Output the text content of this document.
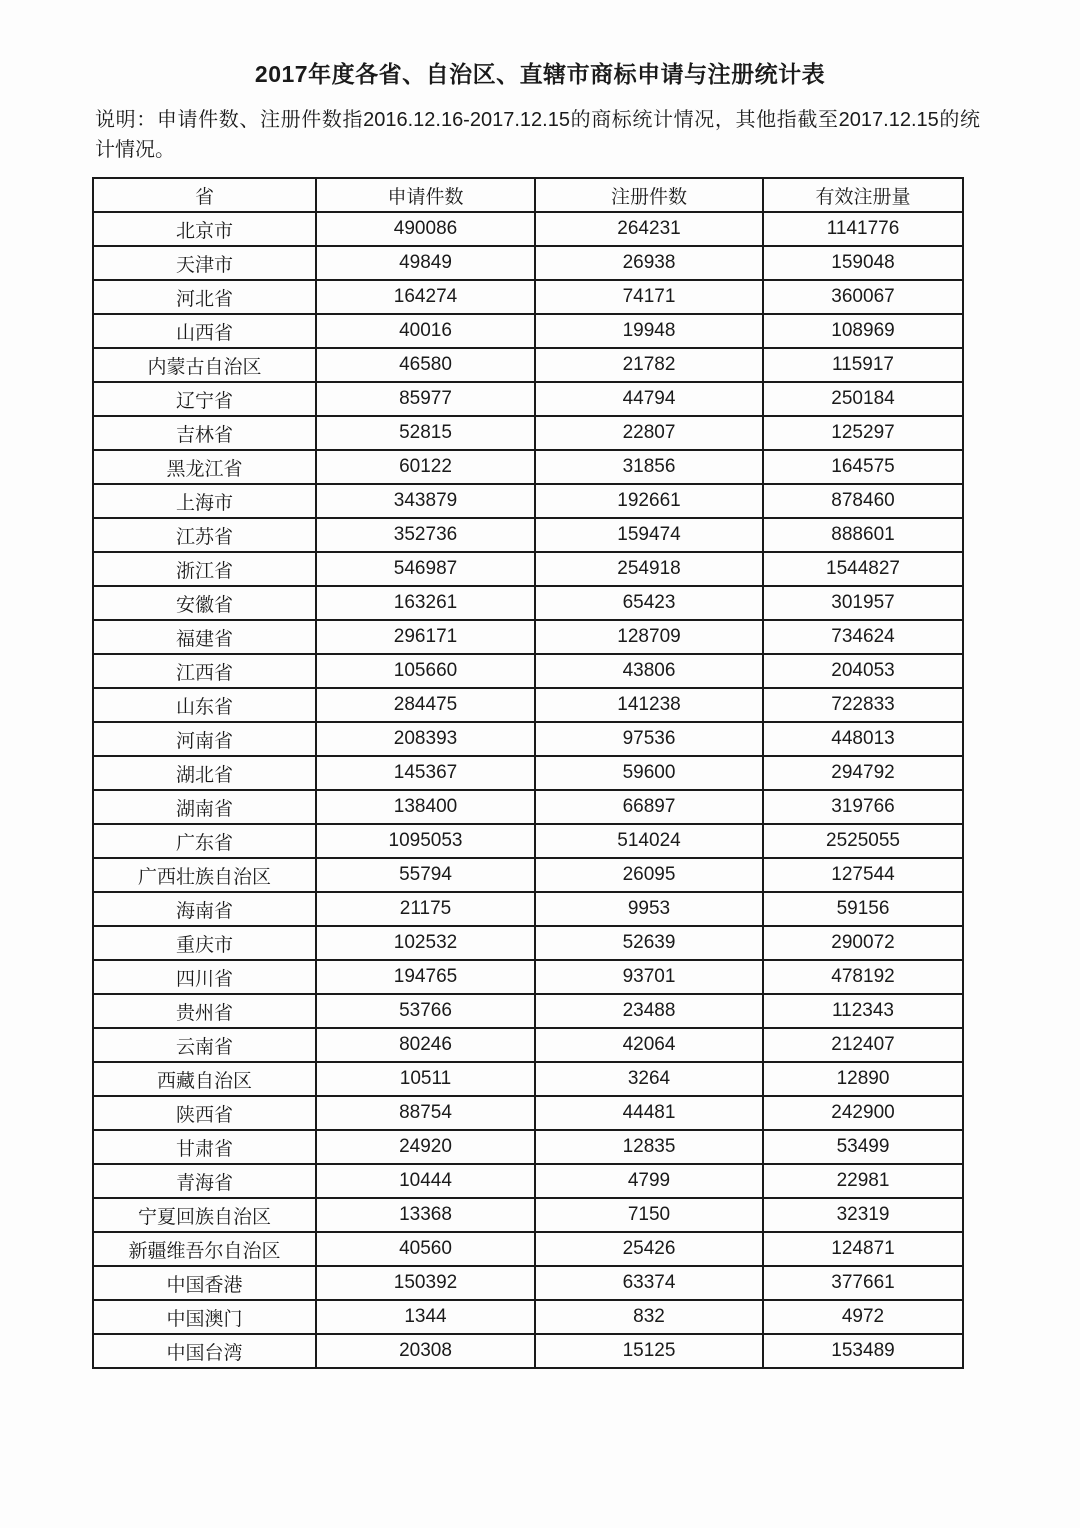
2017年度各省、自治区、直辖市商标申请与注册统计表

说明：申请件数、注册件数指2016.12.16-2017.12.15的商标统计情况，其他指截至2017.12.15的统计情况。

省	申请件数	注册件数	有效注册量
北京市	490086	264231	1141776
天津市	49849	26938	159048
河北省	164274	74171	360067
山西省	40016	19948	108969
内蒙古自治区	46580	21782	115917
辽宁省	85977	44794	250184
吉林省	52815	22807	125297
黑龙江省	60122	31856	164575
上海市	343879	192661	878460
江苏省	352736	159474	888601
浙江省	546987	254918	1544827
安徽省	163261	65423	301957
福建省	296171	128709	734624
江西省	105660	43806	204053
山东省	284475	141238	722833
河南省	208393	97536	448013
湖北省	145367	59600	294792
湖南省	138400	66897	319766
广东省	1095053	514024	2525055
广西壮族自治区	55794	26095	127544
海南省	21175	9953	59156
重庆市	102532	52639	290072
四川省	194765	93701	478192
贵州省	53766	23488	112343
云南省	80246	42064	212407
西藏自治区	10511	3264	12890
陕西省	88754	44481	242900
甘肃省	24920	12835	53499
青海省	10444	4799	22981
宁夏回族自治区	13368	7150	32319
新疆维吾尔自治区	40560	25426	124871
中国香港	150392	63374	377661
中国澳门	1344	832	4972
中国台湾	20308	15125	153489
